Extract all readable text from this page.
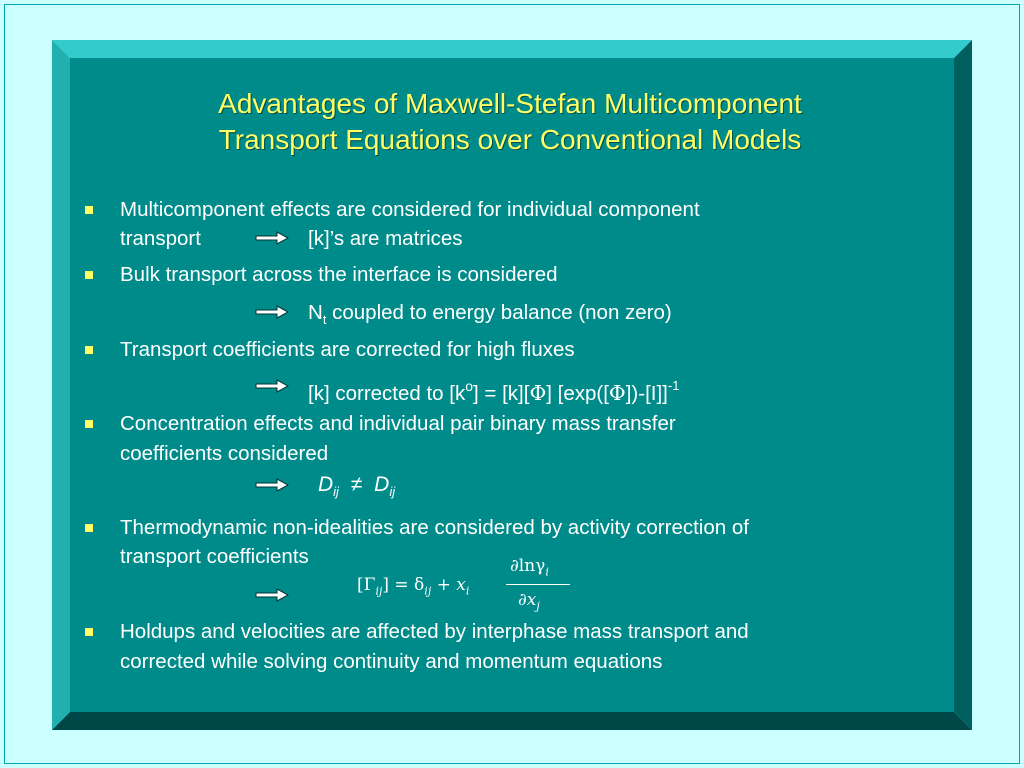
Advantages of Maxwell-Stefan Multicomponent
Transport Equations over Conventional Models
Multicomponent effects are considered for individual component
transport	[k]’s are matrices
Bulk transport across the interface is considered
$N_t$ coupled to energy balance (non zero)
Transport coefficients are corrected for high fluxes
[k] corrected to $[k^o] = [k][\Phi]$ $[\exp([\Phi])-[I]]^{-1}$
Concentration effects and individual pair binary mass transfer
coefficients considered
$D_{ij} \ne D_{ij}$
Thermodynamic non-idealities are considered by activity correction of
transport coefficients
$[\Gamma_{ij}] = \delta_{ij} + x_i$
∂lnγ$_i$
$\partial x_j$
Holdups and velocities are affected by interphase mass transport and
corrected while solving continuity and momentum equations
